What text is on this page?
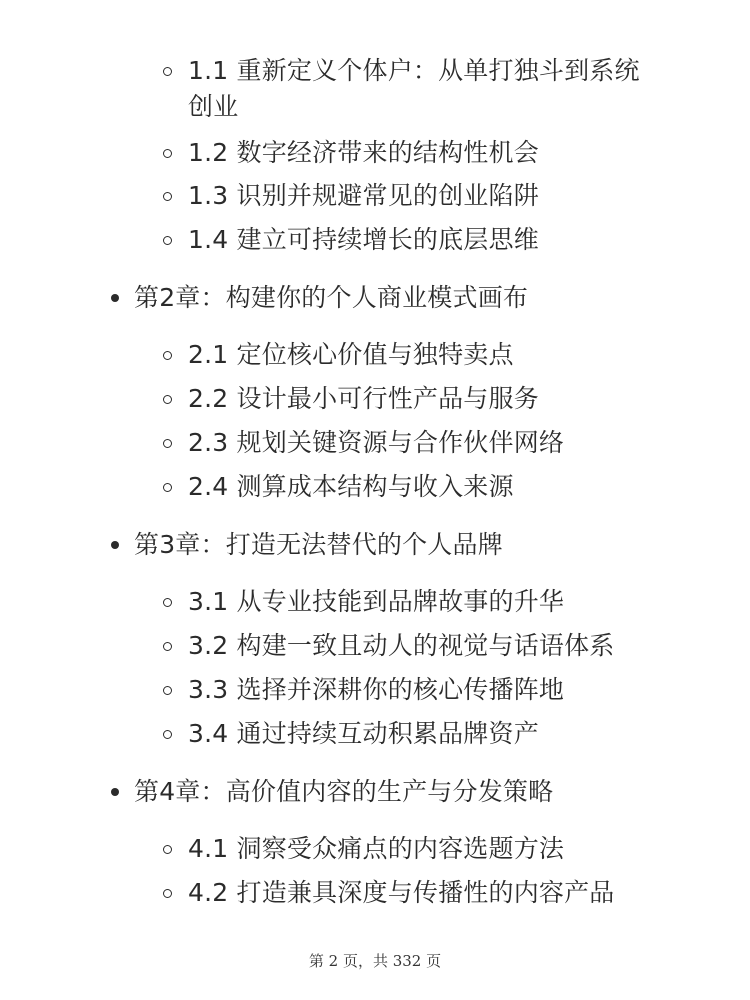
1.1 重新定义个体户：从单打独斗到系统
创业
1.2 数字经济带来的结构性机会
1.3 识别并规避常见的创业陷阱
1.4 建立可持续增长的底层思维
第2章：构建你的个人商业模式画布
2.1 定位核心价值与独特卖点
2.2 设计最小可行性产品与服务
2.3 规划关键资源与合作伙伴网络
2.4 测算成本结构与收入来源
第3章：打造无法替代的个人品牌
3.1 从专业技能到品牌故事的升华
3.2 构建一致且动人的视觉与话语体系
3.3 选择并深耕你的核心传播阵地
3.4 通过持续互动积累品牌资产
第4章：高价值内容的生产与分发策略
4.1 洞察受众痛点的内容选题方法
4.2 打造兼具深度与传播性的内容产品
第 2 页，共 332 页
